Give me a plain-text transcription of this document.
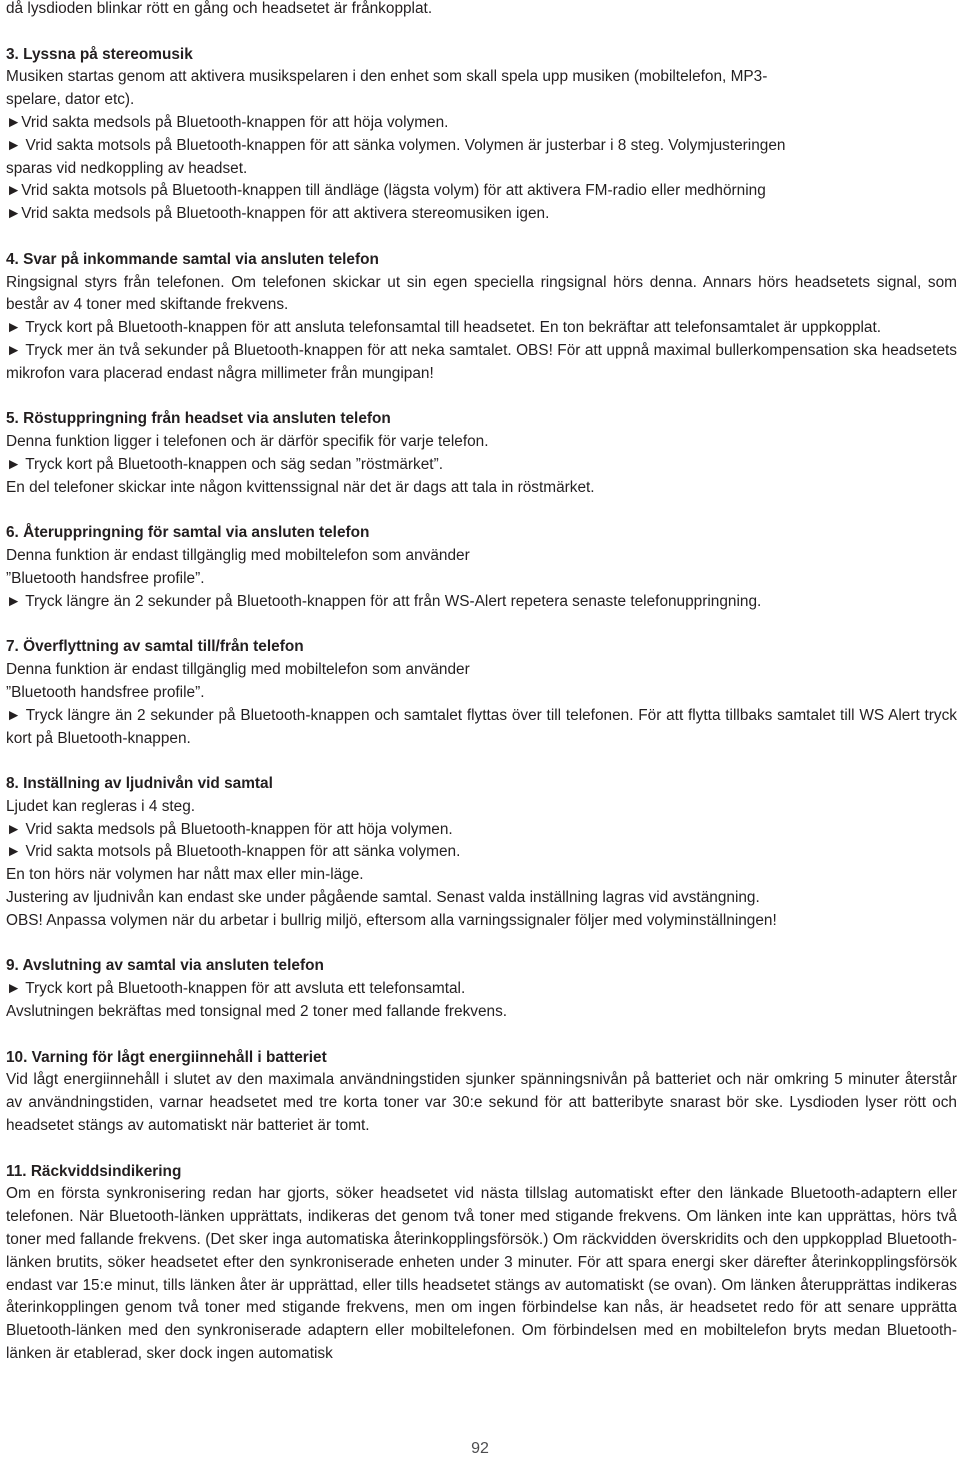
då lysdioden blinkar rött en gång och headsetet är frånkopplat.
3. Lyssna på stereomusik
Musiken startas genom att aktivera musikspelaren i den enhet som skall spela upp musiken (mobiltelefon, MP3-
spelare, dator etc).
►Vrid sakta medsols på Bluetooth-knappen för att höja volymen.
► Vrid sakta motsols på Bluetooth-knappen för att sänka volymen. Volymen är justerbar i 8 steg. Volymjusteringen
sparas vid nedkoppling av headset.
►Vrid sakta motsols på Bluetooth-knappen till ändläge (lägsta volym) för att aktivera FM-radio eller medhörning
►Vrid sakta medsols på Bluetooth-knappen för att aktivera stereomusiken igen.
4. Svar på inkommande samtal via ansluten telefon
Ringsignal styrs från telefonen. Om telefonen skickar ut sin egen speciella ringsignal hörs denna. Annars hörs headsetets signal, som består av 4 toner med skiftande frekvens.
► Tryck kort på Bluetooth-knappen för att ansluta telefonsamtal till headsetet. En ton bekräftar att telefonsamtalet är uppkopplat.
► Tryck mer än två sekunder på Bluetooth-knappen för att neka samtalet. OBS! För att uppnå maximal bullerkompensation ska headsetets mikrofon vara placerad endast några millimeter från mungipan!
5. Röstuppringning från headset via ansluten telefon
Denna funktion ligger i telefonen och är därför specifik för varje telefon.
► Tryck kort på Bluetooth-knappen och säg sedan ”röstmärket”.
En del telefoner skickar inte någon kvittenssignal när det är dags att tala in röstmärket.
6. Återuppringning för samtal via ansluten telefon
Denna funktion är endast tillgänglig med mobiltelefon som använder
”Bluetooth handsfree profile”.
► Tryck längre än 2 sekunder på Bluetooth-knappen för att från WS-Alert repetera senaste telefonuppringning.
7. Överflyttning av samtal till/från telefon
Denna funktion är endast tillgänglig med mobiltelefon som använder
”Bluetooth handsfree profile”.
► Tryck längre än 2 sekunder på Bluetooth-knappen och samtalet flyttas över till telefonen. För att flytta tillbaks samtalet till WS Alert tryck kort på Bluetooth-knappen.
8. Inställning av ljudnivån vid samtal
Ljudet kan regleras i 4 steg.
► Vrid sakta medsols på Bluetooth-knappen för att höja volymen.
► Vrid sakta motsols på Bluetooth-knappen för att sänka volymen.
En ton hörs när volymen har nått max eller min-läge.
Justering av ljudnivån kan endast ske under pågående samtal. Senast valda inställning lagras vid avstängning.
OBS! Anpassa volymen när du arbetar i bullrig miljö, eftersom alla varningssignaler följer med volyminställningen!
9. Avslutning av samtal via ansluten telefon
► Tryck kort på Bluetooth-knappen för att avsluta ett telefonsamtal.
Avslutningen bekräftas med tonsignal med 2 toner med fallande frekvens.
10. Varning för lågt energiinnehåll i batteriet
Vid lågt energiinnehåll i slutet av den maximala användningstiden sjunker spänningsnivån på batteriet och när omkring 5 minuter återstår av användningstiden, varnar headsetet med tre korta toner var 30:e sekund för att batteribyte snarast bör ske. Lysdioden lyser rött och headsetet stängs av automatiskt när batteriet är tomt.
11. Räckviddsindikering
Om en första synkronisering redan har gjorts, söker headsetet vid nästa tillslag automatiskt efter den länkade Bluetooth-adaptern eller telefonen. När Bluetooth-länken upprättats, indikeras det genom två toner med stigande frekvens. Om länken inte kan upprättas, hörs två toner med fallande frekvens. (Det sker inga automatiska återinkopplingsförsök.) Om räckvidden överskridits och den uppkopplad Bluetooth-länken brutits, söker headsetet efter den synkroniserade enheten under 3 minuter. För att spara energi sker därefter återinkopplingsförsök endast var 15:e minut, tills länken åter är upprättad, eller tills headsetet stängs av automatiskt (se ovan). Om länken återupprättas indikeras återinkopplingen genom två toner med stigande frekvens, men om ingen förbindelse kan nås, är headsetet redo för att senare upprätta Bluetooth-länken med den synkroniserade adaptern eller mobiltelefonen. Om förbindelsen med en mobiltelefon bryts medan Bluetooth-länken är etablerad, sker dock ingen automatisk
92
